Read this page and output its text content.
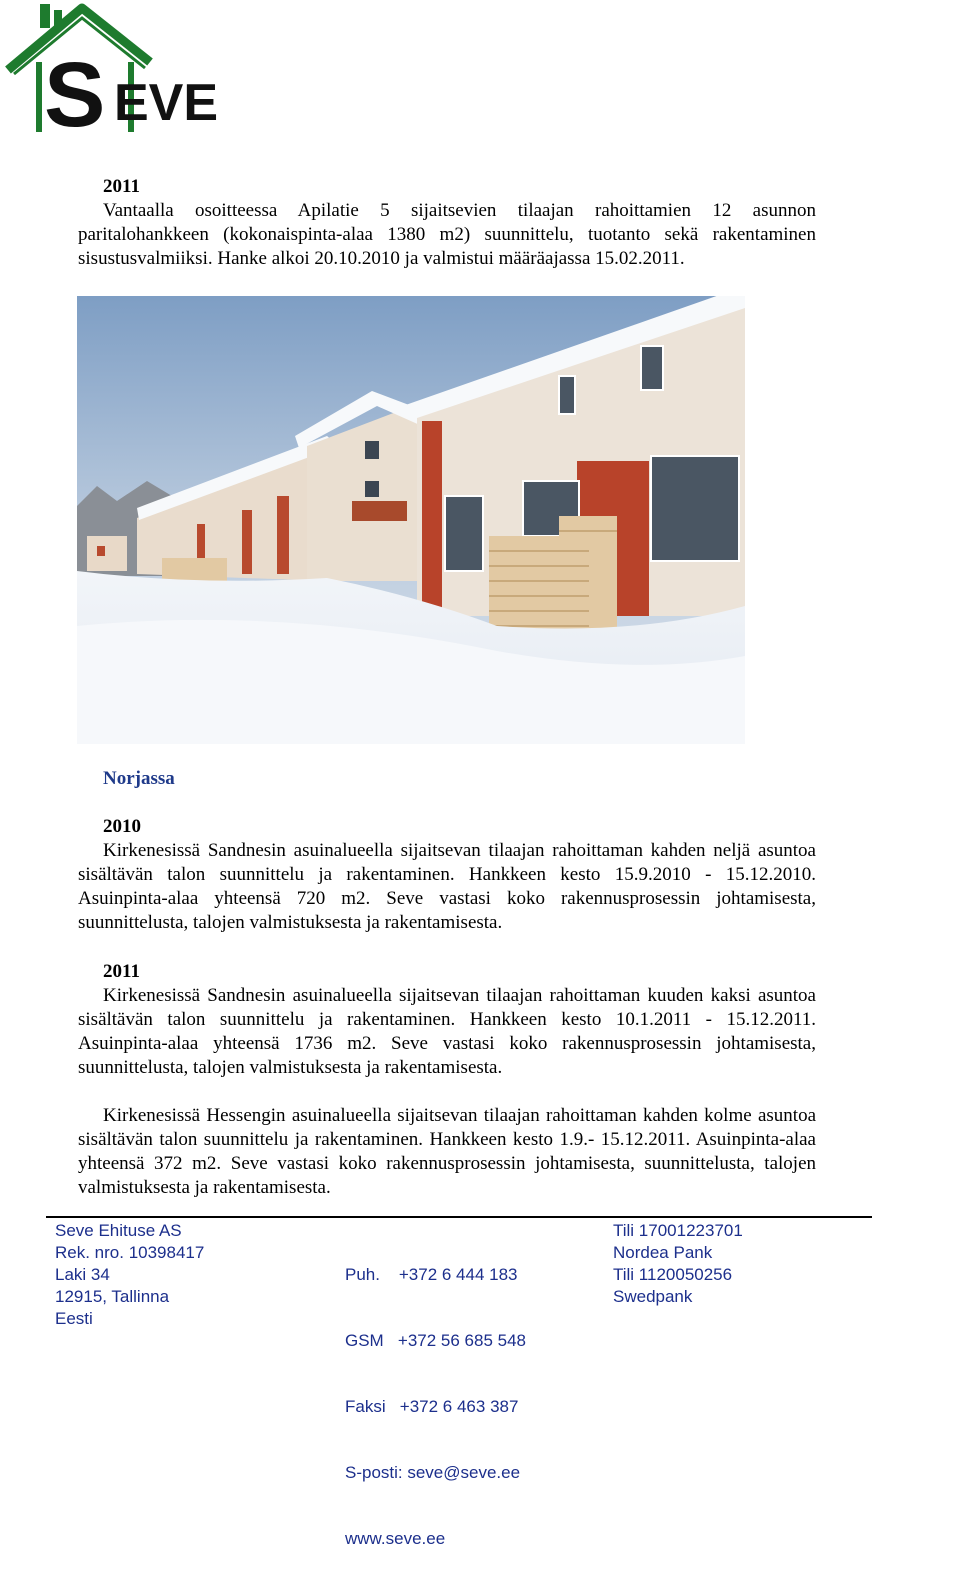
S EVE

2011

Vantaalla osoitteessa Apilatie 5 sijaitsevien tilaajan rahoittamien 12 asunnon paritalohankkeen (kokonaispinta-alaa 1380 m2) suunnittelu, tuotanto sekä rakentaminen sisustusvalmiiksi. Hanke alkoi 20.10.2010 ja valmistui määräajassa 15.02.2011.

Norjassa

2010

Kirkenesissä Sandnesin asuinalueella sijaitsevan tilaajan rahoittaman kahden neljä asuntoa sisältävän talon suunnittelu ja rakentaminen. Hankkeen kesto 15.9.2010 - 15.12.2010. Asuinpinta-alaa yhteensä 720 m2. Seve vastasi koko rakennusprosessin johtamisesta, suunnittelusta, talojen valmistuksesta ja rakentamisesta.

2011

Kirkenesissä Sandnesin asuinalueella sijaitsevan tilaajan rahoittaman kuuden kaksi asuntoa sisältävän talon suunnittelu ja rakentaminen. Hankkeen kesto 10.1.2011 - 15.12.2011. Asuinpinta-alaa yhteensä 1736 m2. Seve vastasi koko rakennusprosessin johtamisesta, suunnittelusta, talojen valmistuksesta ja rakentamisesta.

Kirkenesissä Hessengin asuinalueella sijaitsevan tilaajan rahoittaman kahden kolme asuntoa sisältävän talon suunnittelu ja rakentaminen. Hankkeen kesto 1.9.- 15.12.2011. Asuinpinta-alaa yhteensä 372 m2. Seve vastasi koko rakennusprosessin johtamisesta, suunnittelusta, talojen valmistuksesta ja rakentamisesta.

Seve Ehituse AS
Rek. nro. 10398417
Laki 34
12915, Tallinna
Eesti

Puh.    +372 6 444 183

GSM   +372 56 685 548

Faksi   +372 6 463 387

S-posti: seve@seve.ee

www.seve.ee

Tili 17001223701
Nordea Pank
Tili 1120050256
Swedpank
